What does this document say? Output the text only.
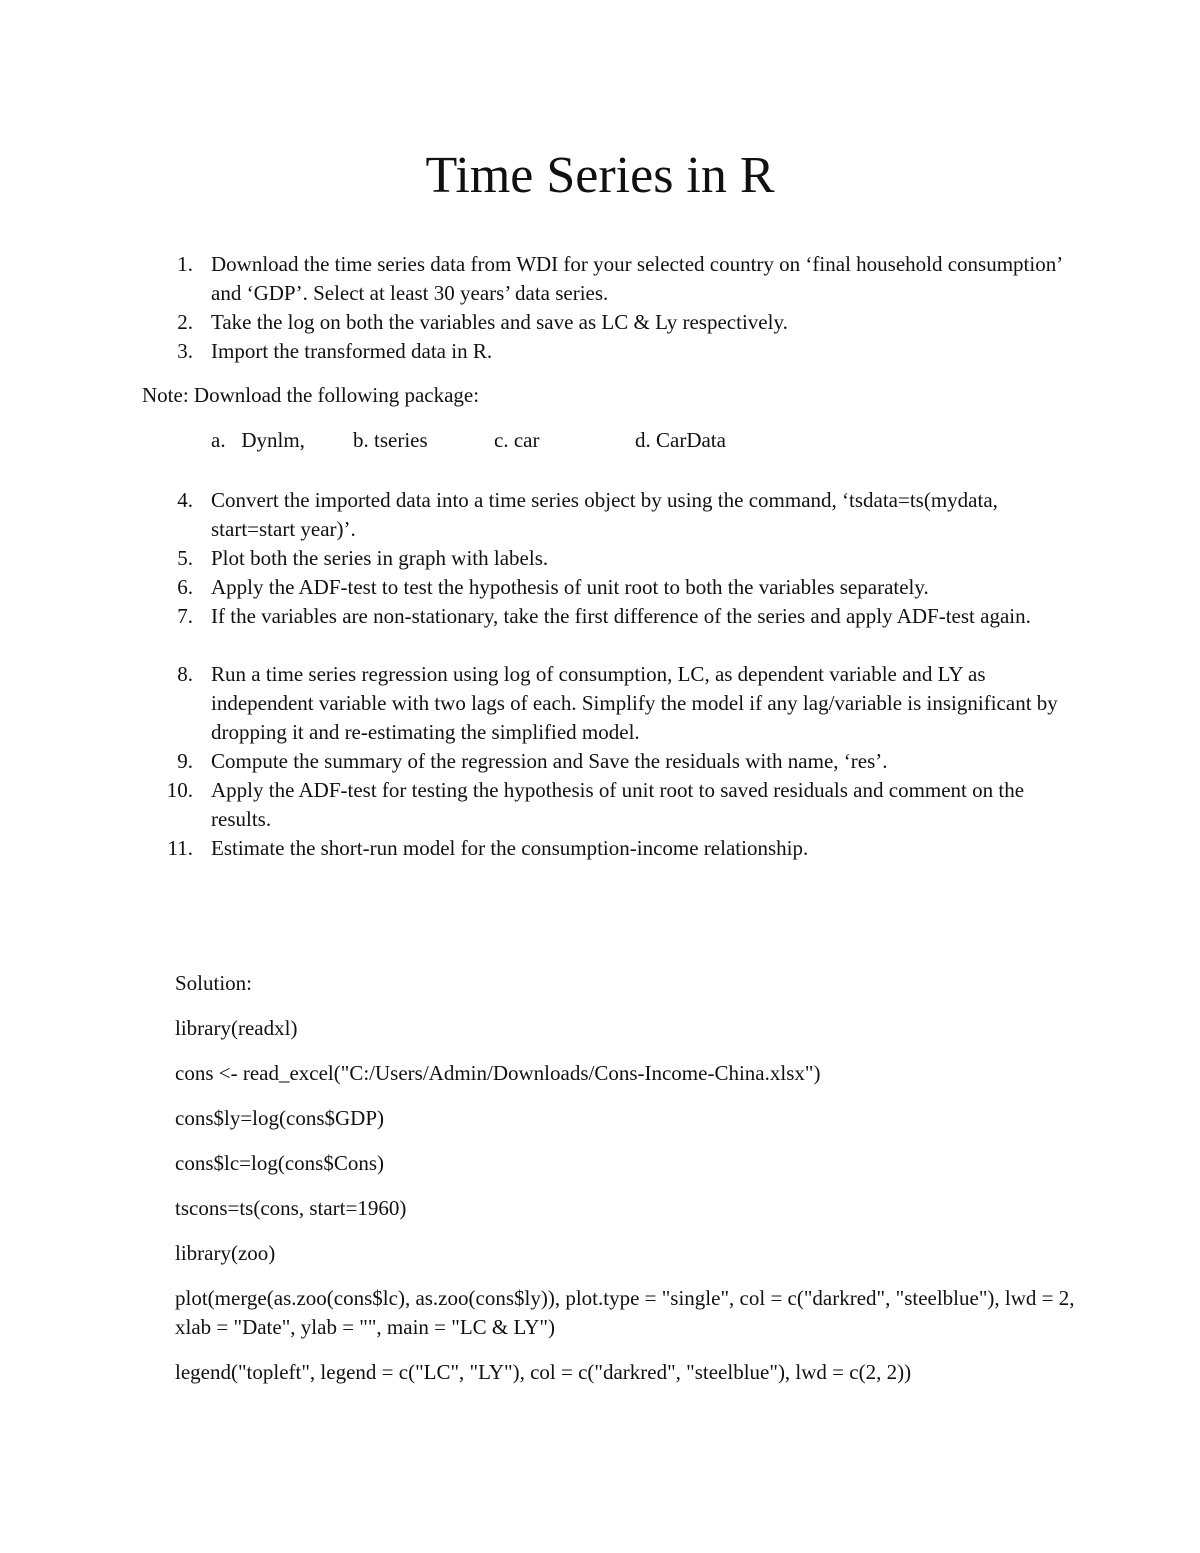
Time Series in R
1. Download the time series data from WDI for your selected country on ‘final household consumption’ and ‘GDP’. Select at least 30 years’ data series.
2. Take the log on both the variables and save as LC & Ly respectively.
3. Import the transformed data in R.
Note: Download the following package:
a.   Dynlm, b. tseries	c. car	d. CarData
4. Convert the imported data into a time series object by using the command, ‘tsdata=ts(mydata, start=start year)’.
5. Plot both the series in graph with labels.
6. Apply the ADF-test to test the hypothesis of unit root to both the variables separately.
7. If the variables are non-stationary, take the first difference of the series and apply ADF-test again.
8. Run a time series regression using log of consumption, LC, as dependent variable and LY as independent variable with two lags of each. Simplify the model if any lag/variable is insignificant by dropping it and re-estimating the simplified model.
9. Compute the summary of the regression and Save the residuals with name, ‘res’.
10. Apply the ADF-test for testing the hypothesis of unit root to saved residuals and comment on the results.
11. Estimate the short-run model for the consumption-income relationship.
Solution:
library(readxl)
cons <- read_excel("C:/Users/Admin/Downloads/Cons-Income-China.xlsx")
cons$ly=log(cons$GDP)
cons$lc=log(cons$Cons)
tscons=ts(cons, start=1960)
library(zoo)
plot(merge(as.zoo(cons$lc), as.zoo(cons$ly)), plot.type = "single", col = c("darkred", "steelblue"), lwd = 2, xlab = "Date", ylab = "", main = "LC & LY")
legend("topleft", legend = c("LC", "LY"), col = c("darkred", "steelblue"), lwd = c(2, 2))
